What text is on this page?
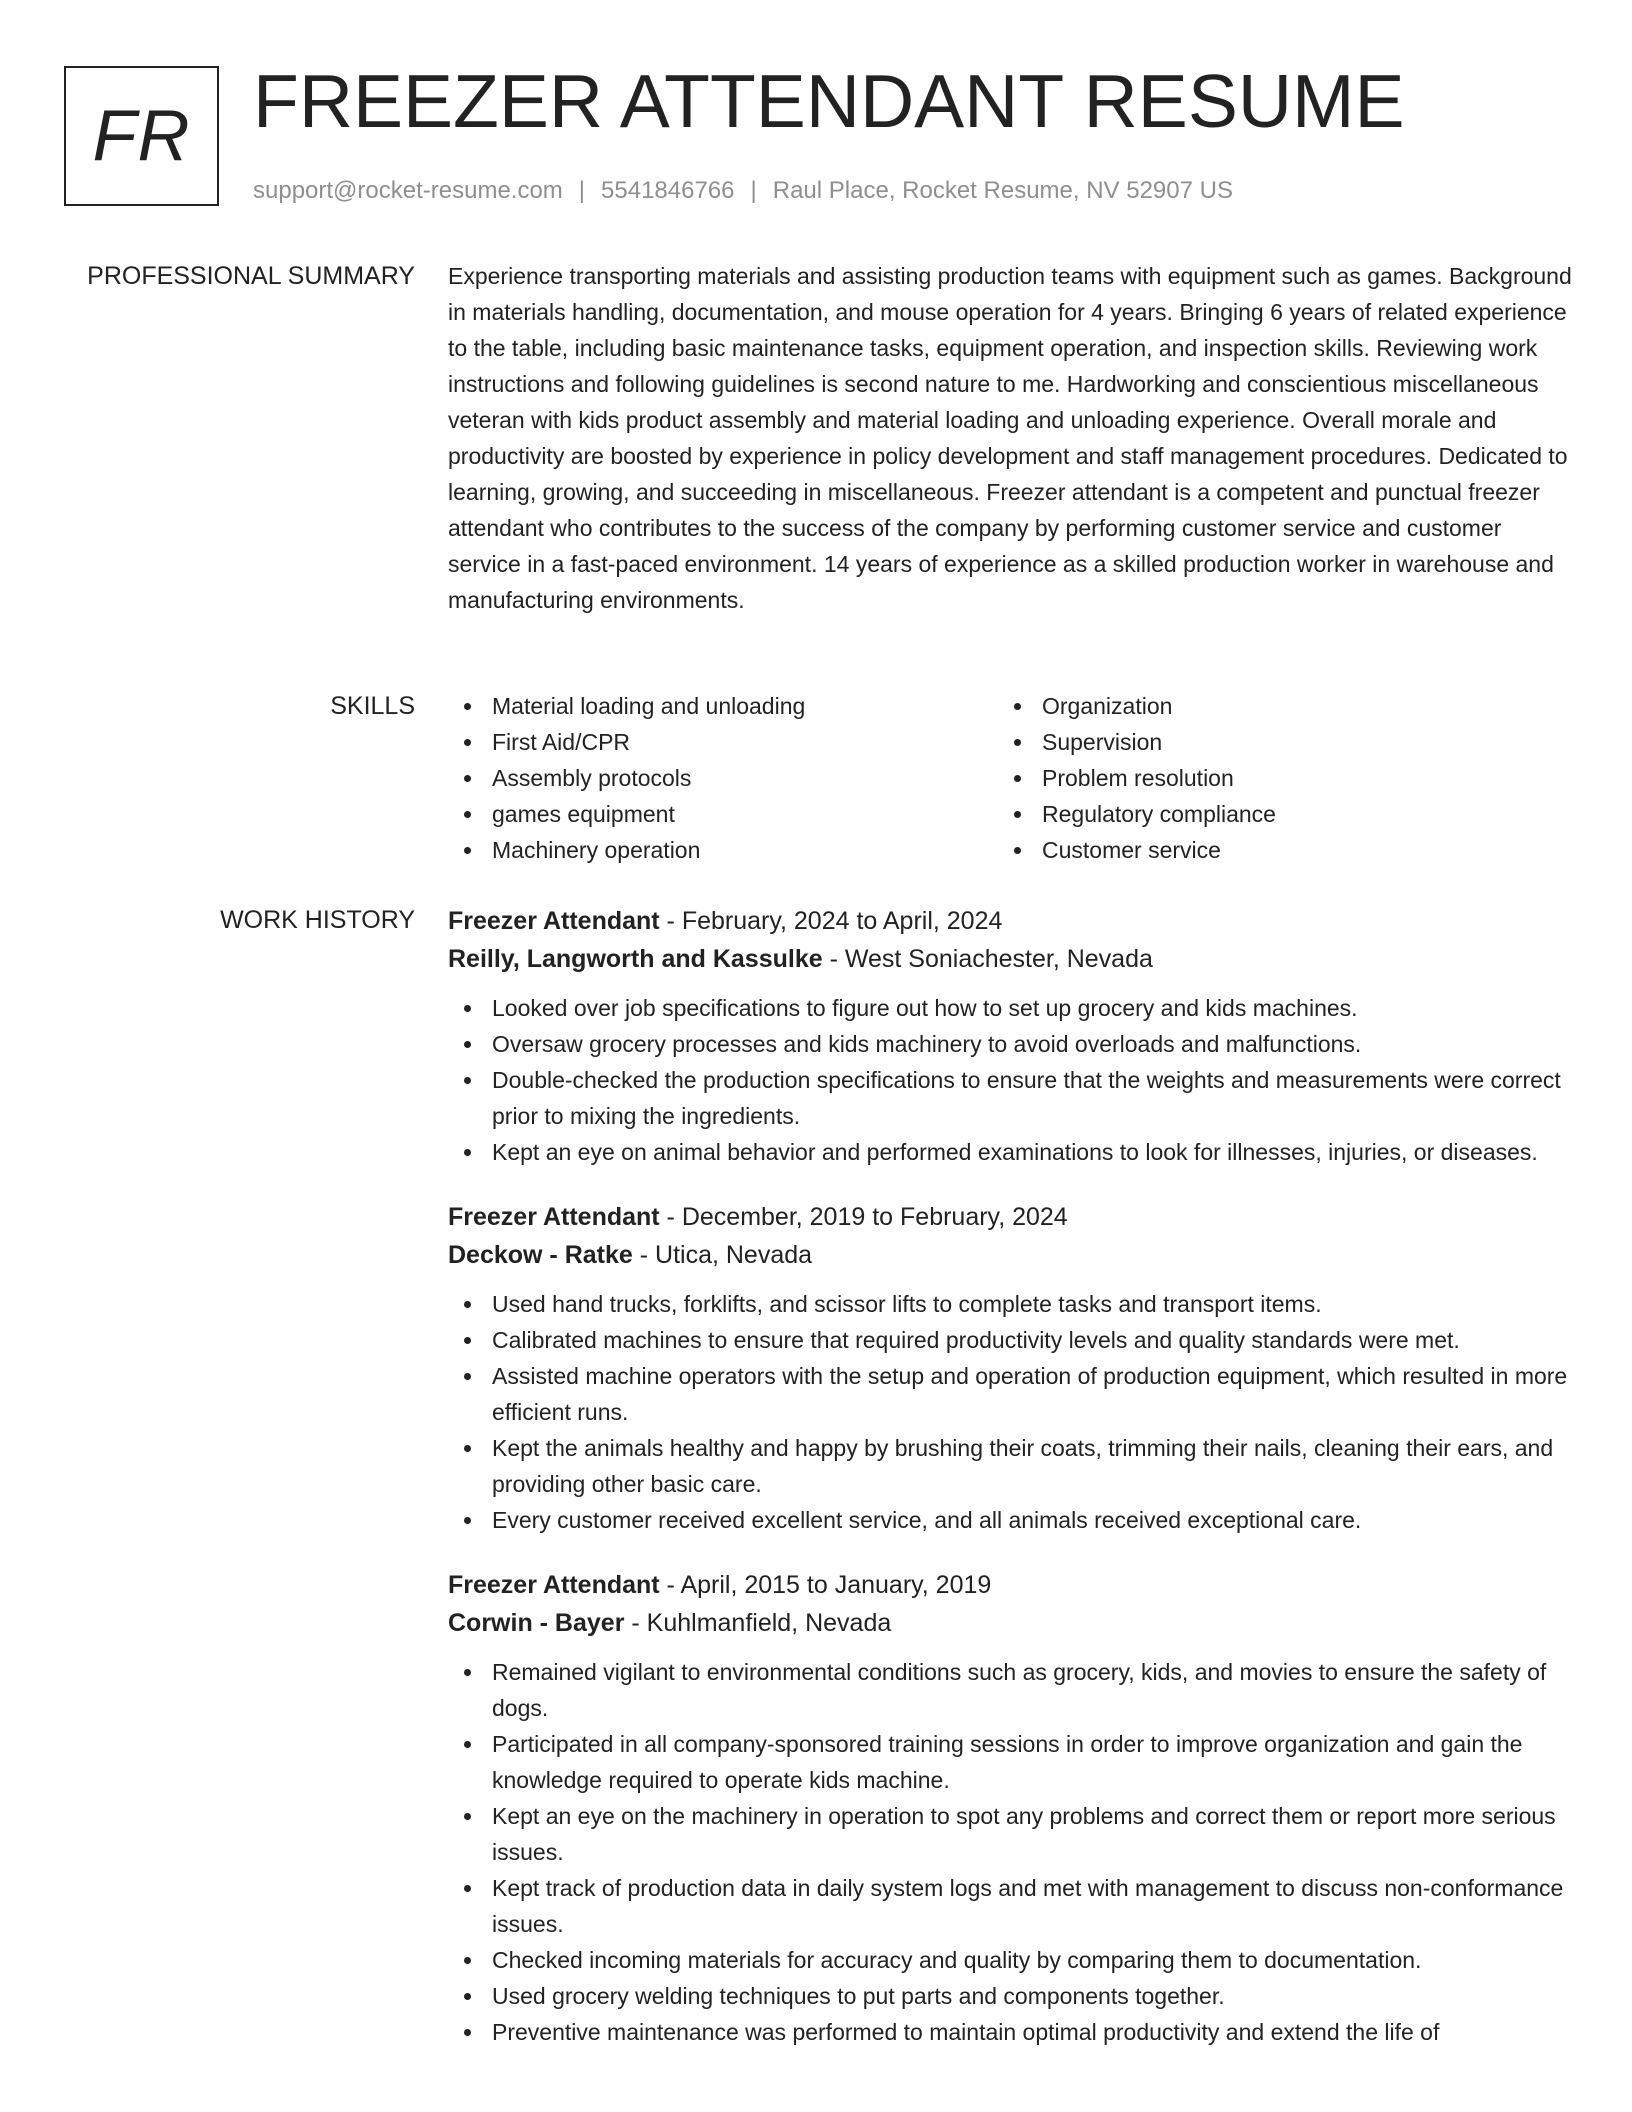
FR FREEZER ATTENDANT RESUME
support@rocket-resume.com | 5541846766 | Raul Place, Rocket Resume, NV 52907 US
PROFESSIONAL SUMMARY Experience transporting materials and assisting production teams with equipment such as games. Background in materials handling, documentation, and mouse operation for 4 years. Bringing 6 years of related experience to the table, including basic maintenance tasks, equipment operation, and inspection skills. Reviewing work instructions and following guidelines is second nature to me. Hardworking and conscientious miscellaneous veteran with kids product assembly and material loading and unloading experience. Overall morale and productivity are boosted by experience in policy development and staff management procedures. Dedicated to learning, growing, and succeeding in miscellaneous. Freezer attendant is a competent and punctual freezer attendant who contributes to the success of the company by performing customer service and customer service in a fast-paced environment. 14 years of experience as a skilled production worker in warehouse and manufacturing environments.

SKILLS	Material loading and unloading
First Aid/CPR
Assembly protocols
games equipment
Machinery operation
Organization
Supervision
Problem resolution
Regulatory compliance
Customer service
WORK HISTORY Freezer Attendant - February, 2024 to April, 2024
Reilly, Langworth and Kassulke - West Soniachester, Nevada
Looked over job specifications to figure out how to set up grocery and kids machines.
Oversaw grocery processes and kids machinery to avoid overloads and malfunctions.
Double-checked the production specifications to ensure that the weights and measurements were correct prior to mixing the ingredients.
Kept an eye on animal behavior and performed examinations to look for illnesses, injuries, or diseases.
Freezer Attendant - December, 2019 to February, 2024
Deckow - Ratke - Utica, Nevada
Used hand trucks, forklifts, and scissor lifts to complete tasks and transport items.
Calibrated machines to ensure that required productivity levels and quality standards were met.
Assisted machine operators with the setup and operation of production equipment, which resulted in more efficient runs.
Kept the animals healthy and happy by brushing their coats, trimming their nails, cleaning their ears, and providing other basic care.
Every customer received excellent service, and all animals received exceptional care.
Freezer Attendant - April, 2015 to January, 2019
Corwin - Bayer - Kuhlmanfield, Nevada
Remained vigilant to environmental conditions such as grocery, kids, and movies to ensure the safety of dogs.
Participated in all company-sponsored training sessions in order to improve organization and gain the knowledge required to operate kids machine.
Kept an eye on the machinery in operation to spot any problems and correct them or report more serious issues.
Kept track of production data in daily system logs and met with management to discuss non-conformance issues.
Checked incoming materials for accuracy and quality by comparing them to documentation.
Used grocery welding techniques to put parts and components together.
Preventive maintenance was performed to maintain optimal productivity and extend the life of
